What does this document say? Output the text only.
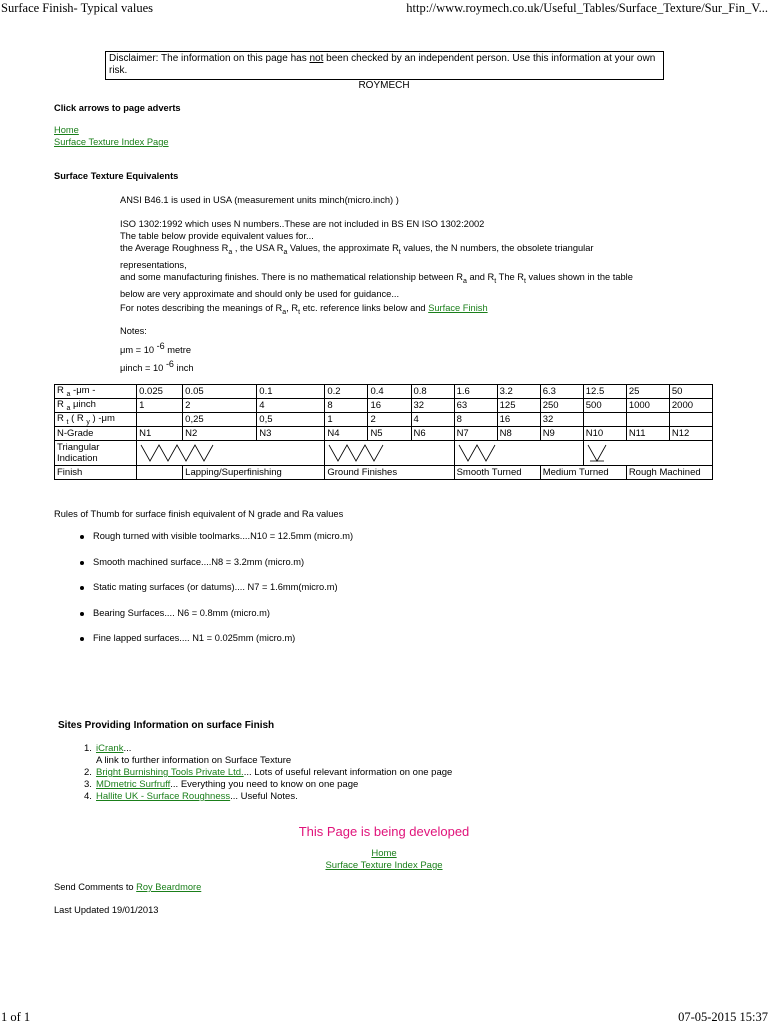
Surface Finish- Typical values	http://www.roymech.co.uk/Useful_Tables/Surface_Texture/Sur_Fin_V...
Disclaimer: The information on this page has not been checked by an independent person. Use this information at your own risk.
ROYMECH
Click arrows to page adverts
Home
Surface Texture Index Page
Surface Texture Equivalents
ANSI B46.1 is used in USA (measurement units minch(micro.inch) )
ISO 1302:1992 which uses N numbers..These are not included in BS EN ISO 1302:2002
The table below provide equivalent values for...
the Average Roughness $R_a$ , the USA $R_a$ Values, the approximate $R_t$ values, the N numbers, the obsolete triangular
representations,
and some manufacturing finishes. There is no mathematical relationship between $R_a$ and $R_t$ The $R_t$ values shown in the table
below are very approximate and should only be used for guidance...
For notes describing the meanings of $R_a$, $R_t$ etc. reference links below and Surface Finish
Notes:
μm = 10 $^{-6}$ metre
μinch = 10 $^{-6}$ inch
R $_a$ -μm -	0.025	0.05	0.1	0.2	0.4	0.8	1.6	3.2	6.3	12.5	25	50
R $_a$ μinch	1	2	4	8	16	32	63	125	250	500	1000	2000
R $_t$ ( R $_y$ ) -μm		0,25	0,5	1	2	4	8	16	32			
N-Grade	N1	N2	N3	N4	N5	N6	N7	N8	N9	N10	N11	N12
Triangular Indication	

Finish		Lapping/Superfinishing		Ground Finishes			Smooth Turned		Medium Turned		Rough Machined	
Rules of Thumb for surface finish equivalent of N grade and Ra values
Rough turned with visible toolmarks....N10 = 12.5mm (micro.m)
Smooth machined surface....N8 = 3.2mm (micro.m)
Static mating surfaces (or datums).... N7 = 1.6mm(micro.m)
Bearing Surfaces.... N6 = 0.8mm (micro.m)
Fine lapped surfaces.... N1 = 0.025mm (micro.m)
Sites Providing Information on surface Finish
1. iCrank...
A link to further information on Surface Texture
2. Bright Burnishing Tools Private Ltd.... Lots of useful relevant information on one page
3. MDmetric Surfruff... Everything you need to know on one page
4. Hallite UK - Surface Roughness... Useful Notes.
This Page is being developed
Home
Surface Texture Index Page
Send Comments to Roy Beardmore
Last Updated 19/01/2013
1 of 1	07-05-2015 15:37
